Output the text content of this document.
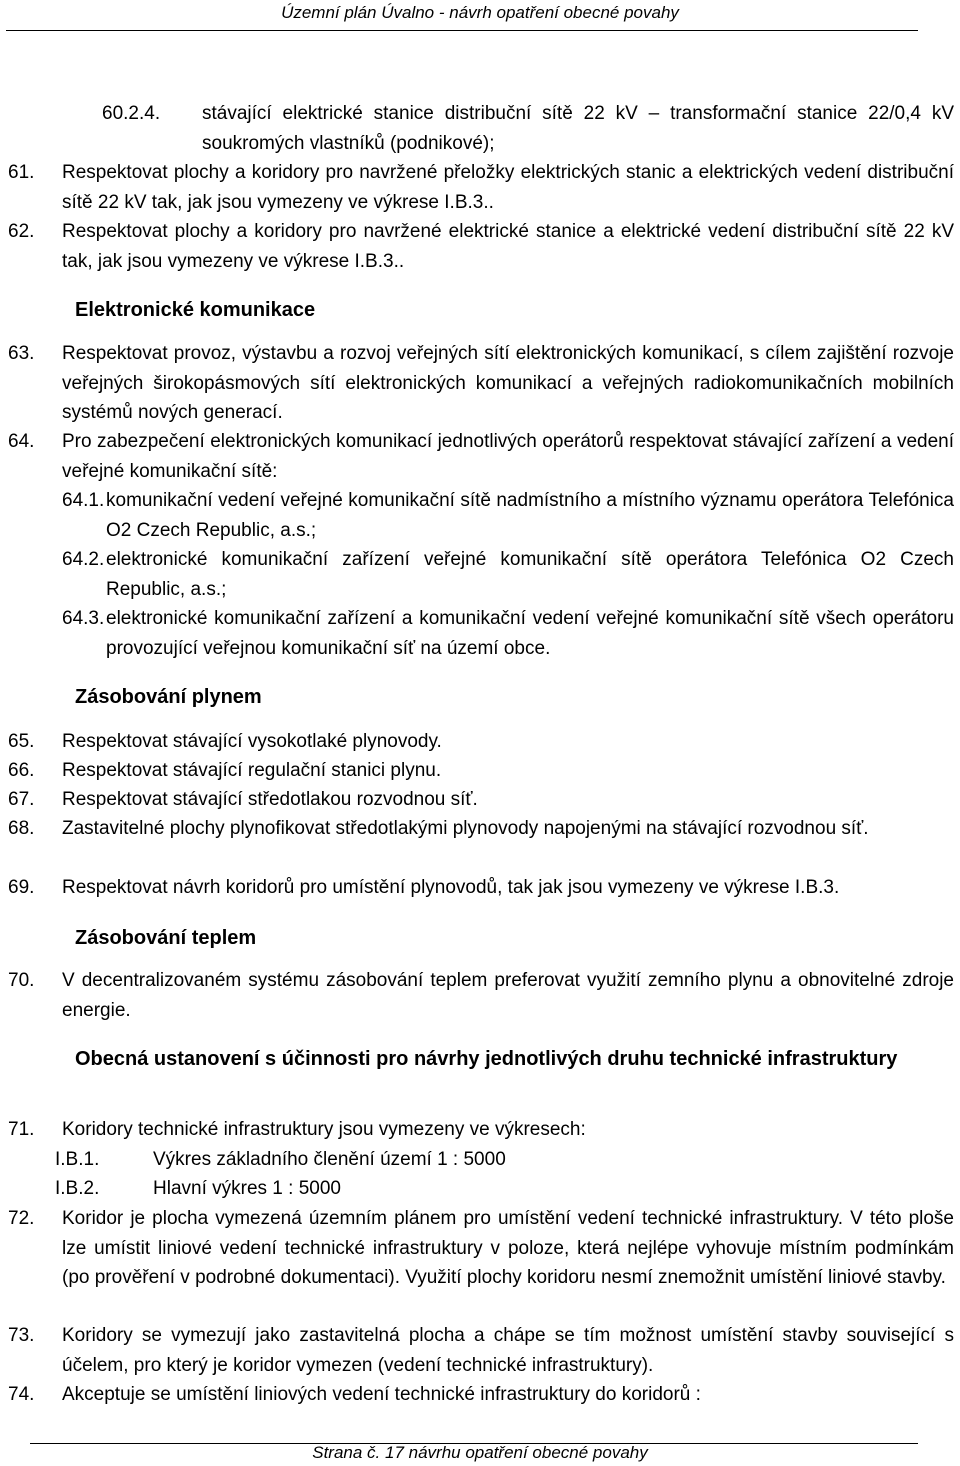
Územní plán Úvalno - návrh opatření obecné povahy
60.2.4. stávající elektrické stanice distribuční sítě 22 kV – transformační stanice 22/0,4 kV soukromých vlastníků (podnikové);
61. Respektovat plochy a koridory pro navržené přeložky elektrických stanic a elektrických vedení distribuční sítě 22 kV tak, jak jsou vymezeny ve výkrese I.B.3..
62. Respektovat plochy a koridory pro navržené elektrické stanice a elektrické vedení distribuční sítě 22 kV tak, jak jsou vymezeny ve výkrese I.B.3..
Elektronické komunikace
63. Respektovat provoz, výstavbu a rozvoj veřejných sítí elektronických komunikací, s cílem zajištění rozvoje veřejných širokopásmových sítí elektronických komunikací a veřejných radiokomunikačních mobilních systémů nových generací.
64. Pro zabezpečení elektronických komunikací jednotlivých operátorů respektovat stávající zařízení a vedení veřejné komunikační sítě:
64.1. komunikační vedení veřejné komunikační sítě nadmístního a místního významu operátora Telefónica O2 Czech Republic, a.s.;
64.2. elektronické komunikační zařízení veřejné komunikační sítě operátora Telefónica O2 Czech Republic, a.s.;
64.3. elektronické komunikační zařízení a komunikační vedení veřejné komunikační sítě všech operátoru provozující veřejnou komunikační síť na území obce.
Zásobování plynem
65. Respektovat stávající vysokotlaké plynovody.
66. Respektovat stávající regulační stanici plynu.
67. Respektovat stávající středotlakou rozvodnou síť.
68. Zastavitelné plochy plynofikovat středotlakými plynovody napojenými na stávající rozvodnou síť.
69. Respektovat návrh koridorů pro umístění plynovodů, tak jak jsou vymezeny ve výkrese I.B.3.
Zásobování teplem
70. V decentralizovaném systému zásobování teplem preferovat využití zemního plynu a obnovitelné zdroje energie.
Obecná ustanovení s účinnosti pro návrhy jednotlivých druhu technické infrastruktury
71. Koridory technické infrastruktury jsou vymezeny ve výkresech:
I.B.1.	Výkres základního členění území 1 : 5000
I.B.2.	Hlavní výkres 1 : 5000
72. Koridor je plocha vymezená územním plánem pro umístění vedení technické infrastruktury. V této ploše lze umístit liniové vedení technické infrastruktury v poloze, která nejlépe vyhovuje místním podmínkám (po prověření v podrobné dokumentaci). Využití plochy koridoru nesmí znemožnit umístění liniové stavby.
73. Koridory se vymezují jako zastavitelná plocha a chápe se tím možnost umístění stavby související s účelem, pro který je koridor vymezen (vedení technické infrastruktury).
74. Akceptuje se umístění liniových vedení technické infrastruktury do koridorů :
Strana č. 17 návrhu opatření obecné povahy
